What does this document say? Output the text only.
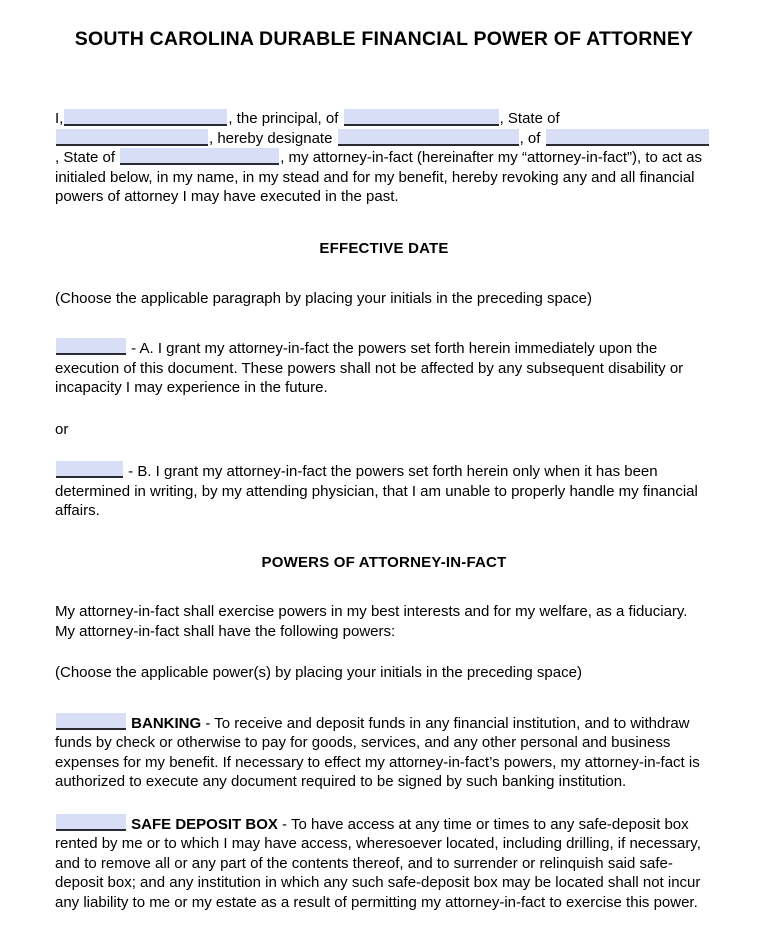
SOUTH CAROLINA DURABLE FINANCIAL POWER OF ATTORNEY

I,	, the principal, of	, State of , hereby designate	, of , State of	, my attorney-in-fact (hereinafter my “attorney-in-fact”), to act as initialed below, in my name, in my stead and for my benefit, hereby revoking any and all financial powers of attorney I may have executed in the past.

EFFECTIVE DATE

(Choose the applicable paragraph by placing your initials in the preceding space)

- A. I grant my attorney-in-fact the powers set forth herein immediately upon the execution of this document. These powers shall not be affected by any subsequent disability or incapacity I may experience in the future.

or

- B. I grant my attorney-in-fact the powers set forth herein only when it has been determined in writing, by my attending physician, that I am unable to properly handle my financial affairs.

POWERS OF ATTORNEY-IN-FACT

My attorney-in-fact shall exercise powers in my best interests and for my welfare, as a fiduciary. My attorney-in-fact shall have the following powers:

(Choose the applicable power(s) by placing your initials in the preceding space)

BANKING - To receive and deposit funds in any financial institution, and to withdraw funds by check or otherwise to pay for goods, services, and any other personal and business expenses for my benefit. If necessary to effect my attorney-in-fact’s powers, my attorney-in-fact is authorized to execute any document required to be signed by such banking institution.

SAFE DEPOSIT BOX - To have access at any time or times to any safe-deposit box rented by me or to which I may have access, wheresoever located, including drilling, if necessary, and to remove all or any part of the contents thereof, and to surrender or relinquish said safe-deposit box; and any institution in which any such safe-deposit box may be located shall not incur any liability to me or my estate as a result of permitting my attorney-in-fact to exercise this power.
